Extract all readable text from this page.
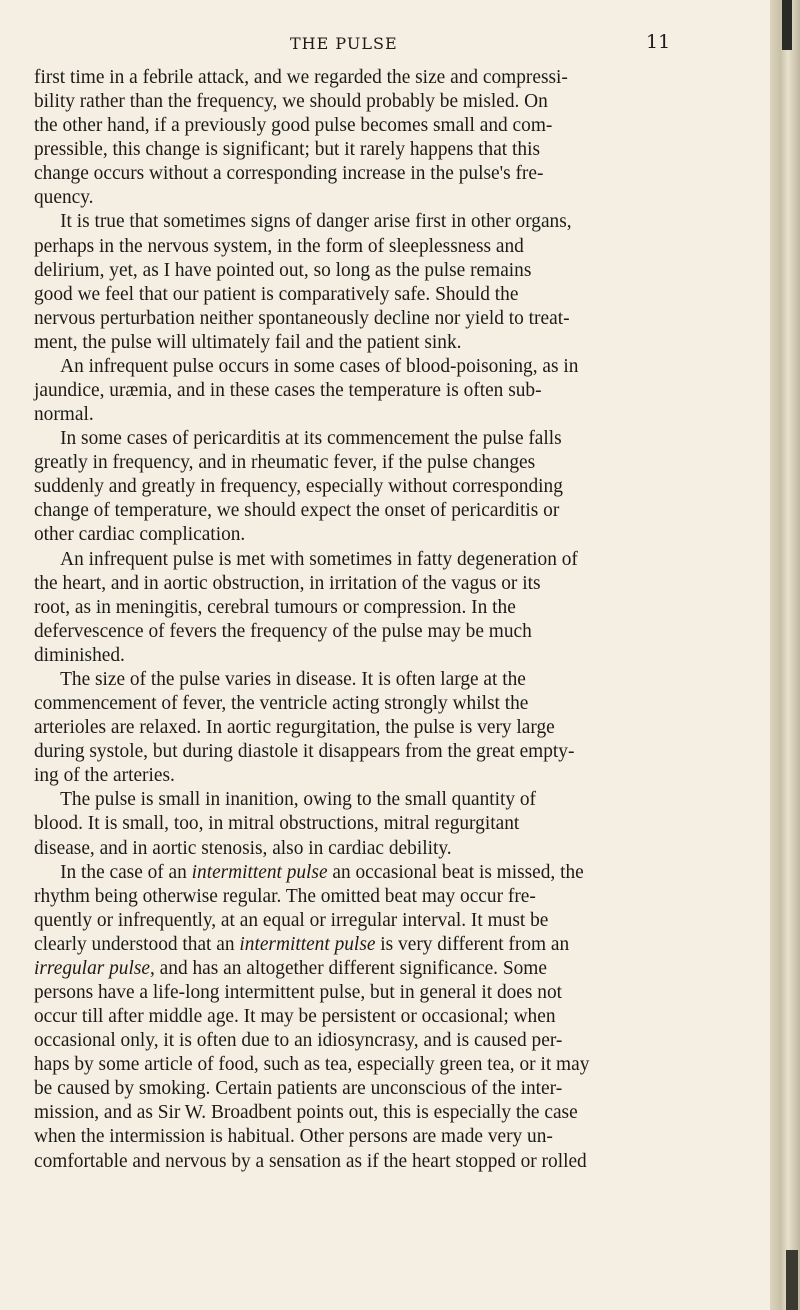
THE PULSE	11
first time in a febrile attack, and we regarded the size and compressi-
bility rather than the frequency, we should probably be misled. On
the other hand, if a previously good pulse becomes small and com-
pressible, this change is significant; but it rarely happens that this
change occurs without a corresponding increase in the pulse's fre-
quency.
It is true that sometimes signs of danger arise first in other organs,
perhaps in the nervous system, in the form of sleeplessness and
delirium, yet, as I have pointed out, so long as the pulse remains
good we feel that our patient is comparatively safe. Should the
nervous perturbation neither spontaneously decline nor yield to treat-
ment, the pulse will ultimately fail and the patient sink.
An infrequent pulse occurs in some cases of blood-poisoning, as in
jaundice, uræmia, and in these cases the temperature is often sub-
normal.
In some cases of pericarditis at its commencement the pulse falls
greatly in frequency, and in rheumatic fever, if the pulse changes
suddenly and greatly in frequency, especially without corresponding
change of temperature, we should expect the onset of pericarditis or
other cardiac complication.
An infrequent pulse is met with sometimes in fatty degeneration of
the heart, and in aortic obstruction, in irritation of the vagus or its
root, as in meningitis, cerebral tumours or compression. In the
defervescence of fevers the frequency of the pulse may be much
diminished.
The size of the pulse varies in disease. It is often large at the
commencement of fever, the ventricle acting strongly whilst the
arterioles are relaxed. In aortic regurgitation, the pulse is very large
during systole, but during diastole it disappears from the great empty-
ing of the arteries.
The pulse is small in inanition, owing to the small quantity of
blood. It is small, too, in mitral obstructions, mitral regurgitant
disease, and in aortic stenosis, also in cardiac debility.
In the case of an intermittent pulse an occasional beat is missed, the
rhythm being otherwise regular. The omitted beat may occur fre-
quently or infrequently, at an equal or irregular interval. It must be
clearly understood that an intermittent pulse is very different from an
irregular pulse, and has an altogether different significance. Some
persons have a life-long intermittent pulse, but in general it does not
occur till after middle age. It may be persistent or occasional; when
occasional only, it is often due to an idiosyncrasy, and is caused per-
haps by some article of food, such as tea, especially green tea, or it may
be caused by smoking. Certain patients are unconscious of the inter-
mission, and as Sir W. Broadbent points out, this is especially the case
when the intermission is habitual. Other persons are made very un-
comfortable and nervous by a sensation as if the heart stopped or rolled
